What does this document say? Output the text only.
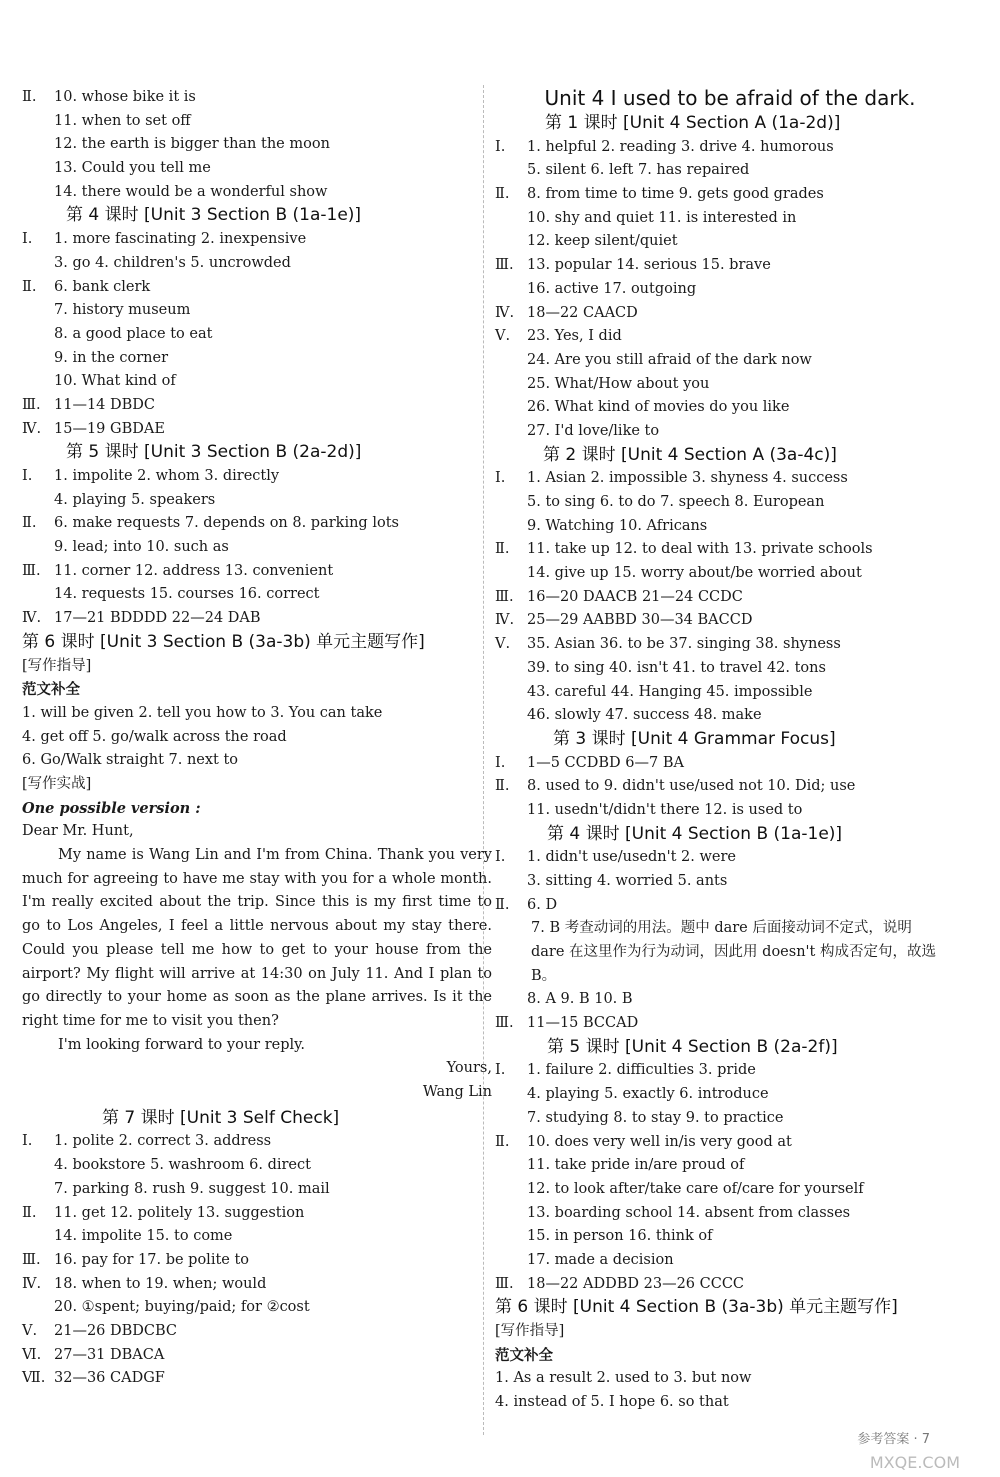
Ⅱ. 10. whose bike it is
11. when to set off
12. the earth is bigger than the moon
13. Could you tell me
14. there would be a wonderful show
第 4 课时 [Unit 3 Section B (1a-1e)]
Ⅰ. 1. more fascinating 2. inexpensive
3. go 4. children's 5. uncrowded
Ⅱ. 6. bank clerk
7. history museum
8. a good place to eat
9. in the corner
10. What kind of
Ⅲ. 11—14 DBDC
Ⅳ. 15—19 GBDAE
第 5 课时 [Unit 3 Section B (2a-2d)]
Ⅰ. 1. impolite 2. whom 3. directly
4. playing 5. speakers
Ⅱ. 6. make requests 7. depends on 8. parking lots
9. lead; into 10. such as
Ⅲ. 11. corner 12. address 13. convenient
14. requests 15. courses 16. correct
Ⅳ. 17—21 BDDDD 22—24 DAB
第 6 课时 [Unit 3 Section B (3a-3b) 单元主题写作]
[写作指导]
范文补全
1. will be given 2. tell you how to 3. You can take
4. get off 5. go/walk across the road
6. Go/Walk straight 7. next to
[写作实战]
One possible version :

Dear Mr. Hunt,

My name is Wang Lin and I'm from China. Thank you very much for agreeing to have me stay with you for a whole month. I'm really excited about the trip. Since this is my first time to go to Los Angeles, I feel a little nervous about my stay there. Could you please tell me how to get to your house from the airport? My flight will arrive at 14:30 on July 11. And I plan to go directly to your home as soon as the plane arrives. Is it the right time for me to visit you then?

I'm looking forward to your reply.

Yours,

Wang Lin

第 7 课时 [Unit 3 Self Check]
Ⅰ. 1. polite 2. correct 3. address
4. bookstore 5. washroom 6. direct
7. parking 8. rush 9. suggest 10. mail
Ⅱ. 11. get 12. politely 13. suggestion
14. impolite 15. to come
Ⅲ. 16. pay for 17. be polite to
Ⅳ. 18. when to 19. when; would
20. ①spent; buying/paid; for ②cost
Ⅴ. 21—26 DBDCBC
Ⅵ. 27—31 DBACA
Ⅶ. 32—36 CADGF
Unit 4 I used to be afraid of the dark.
第 1 课时 [Unit 4 Section A (1a-2d)]
Ⅰ. 1. helpful 2. reading 3. drive 4. humorous
5. silent 6. left 7. has repaired
Ⅱ. 8. from time to time 9. gets good grades
10. shy and quiet 11. is interested in
12. keep silent/quiet
Ⅲ. 13. popular 14. serious 15. brave
16. active 17. outgoing
Ⅳ. 18—22 CAACD
Ⅴ. 23. Yes, I did
24. Are you still afraid of the dark now
25. What/How about you
26. What kind of movies do you like
27. I'd love/like to
第 2 课时 [Unit 4 Section A (3a-4c)]
Ⅰ. 1. Asian 2. impossible 3. shyness 4. success
5. to sing 6. to do 7. speech 8. European
9. Watching 10. Africans
Ⅱ. 11. take up 12. to deal with 13. private schools
14. give up 15. worry about/be worried about
Ⅲ. 16—20 DAACB 21—24 CCDC
Ⅳ. 25—29 AABBD 30—34 BACCD
Ⅴ. 35. Asian 36. to be 37. singing 38. shyness
39. to sing 40. isn't 41. to travel 42. tons
43. careful 44. Hanging 45. impossible
46. slowly 47. success 48. make
第 3 课时 [Unit 4 Grammar Focus]
Ⅰ. 1—5 CCDBD 6—7 BA
Ⅱ. 8. used to 9. didn't use/used not 10. Did; use
11. usedn't/didn't there 12. is used to
第 4 课时 [Unit 4 Section B (1a-1e)]
Ⅰ. 1. didn't use/usedn't 2. were
3. sitting 4. worried 5. ants
Ⅱ. 6. D
7. B 考查动词的用法。题中 dare 后面接动词不定式，说明 dare 在这里作为行为动词，因此用 doesn't 构成否定句，故选 B。
8. A 9. B 10. B
Ⅲ. 11—15 BCCAD
第 5 课时 [Unit 4 Section B (2a-2f)]
Ⅰ. 1. failure 2. difficulties 3. pride
4. playing 5. exactly 6. introduce
7. studying 8. to stay 9. to practice
Ⅱ. 10. does very well in/is very good at
11. take pride in/are proud of
12. to look after/take care of/care for yourself
13. boarding school 14. absent from classes
15. in person 16. think of
17. made a decision
Ⅲ. 18—22 ADDBD 23—26 CCCC
第 6 课时 [Unit 4 Section B (3a-3b) 单元主题写作]
[写作指导]
范文补全
1. As a result 2. used to 3. but now
4. instead of 5. I hope 6. so that
参考答案 · 7
MXQE.COM
